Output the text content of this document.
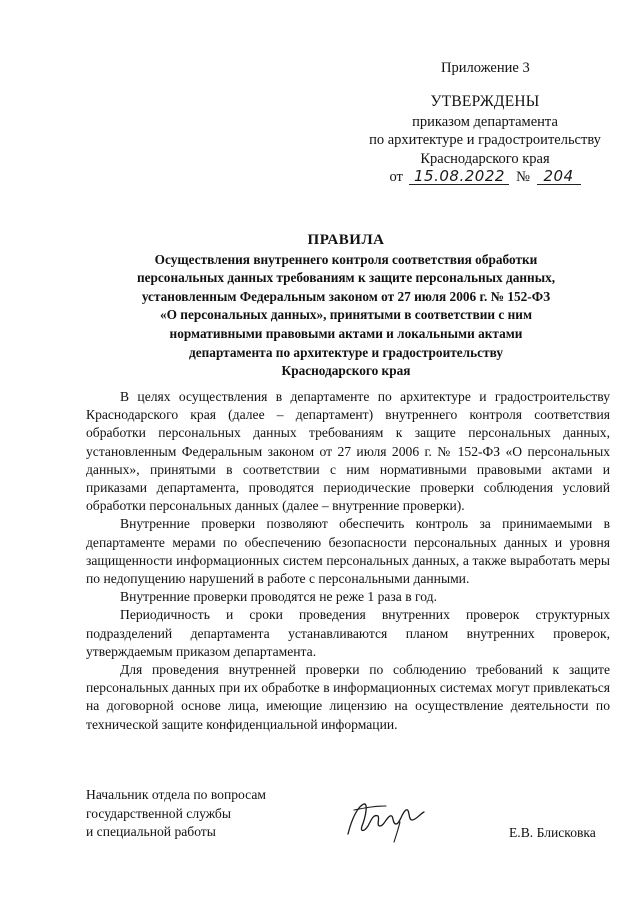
Приложение 3
УТВЕРЖДЕНЫ
приказом департамента
по архитектуре и градостроительству
Краснодарского края
от 15.08.2022 № 204
ПРАВИЛА
Осуществления внутреннего контроля соответствия обработки
персональных данных требованиям к защите персональных данных,
установленным Федеральным законом от 27 июля 2006 г. № 152-ФЗ
«О персональных данных», принятыми в соответствии с ним
нормативными правовыми актами и локальными актами
департамента по архитектуре и градостроительству
Краснодарского края

В целях осуществления в департаменте по архитектуре и градостроительству Краснодарского края (далее – департамент) внутреннего контроля соответствия обработки персональных данных требованиям к защите персональных данных, установленным Федеральным законом от 27 июля 2006 г. № 152-ФЗ «О персональных данных», принятыми в соответствии с ним нормативными правовыми актами и приказами департамента, проводятся периодические проверки соблюдения условий обработки персональных данных (далее – внутренние проверки).

Внутренние проверки позволяют обеспечить контроль за принимаемыми в департаменте мерами по обеспечению безопасности персональных данных и уровня защищенности информационных систем персональных данных, а также выработать меры по недопущению нарушений в работе с персональными данными.

Внутренние проверки проводятся не реже 1 раза в год.

Периодичность и сроки проведения внутренних проверок структурных подразделений департамента устанавливаются планом внутренних проверок, утверждаемым приказом департамента.

Для проведения внутренней проверки по соблюдению требований к защите персональных данных при их обработке в информационных системах могут привлекаться на договорной основе лица, имеющие лицензию на осуществление деятельности по технической защите конфиденциальной информации.

Начальник отдела по вопросам
государственной службы
и специальной работы	Е.В. Блисковка
